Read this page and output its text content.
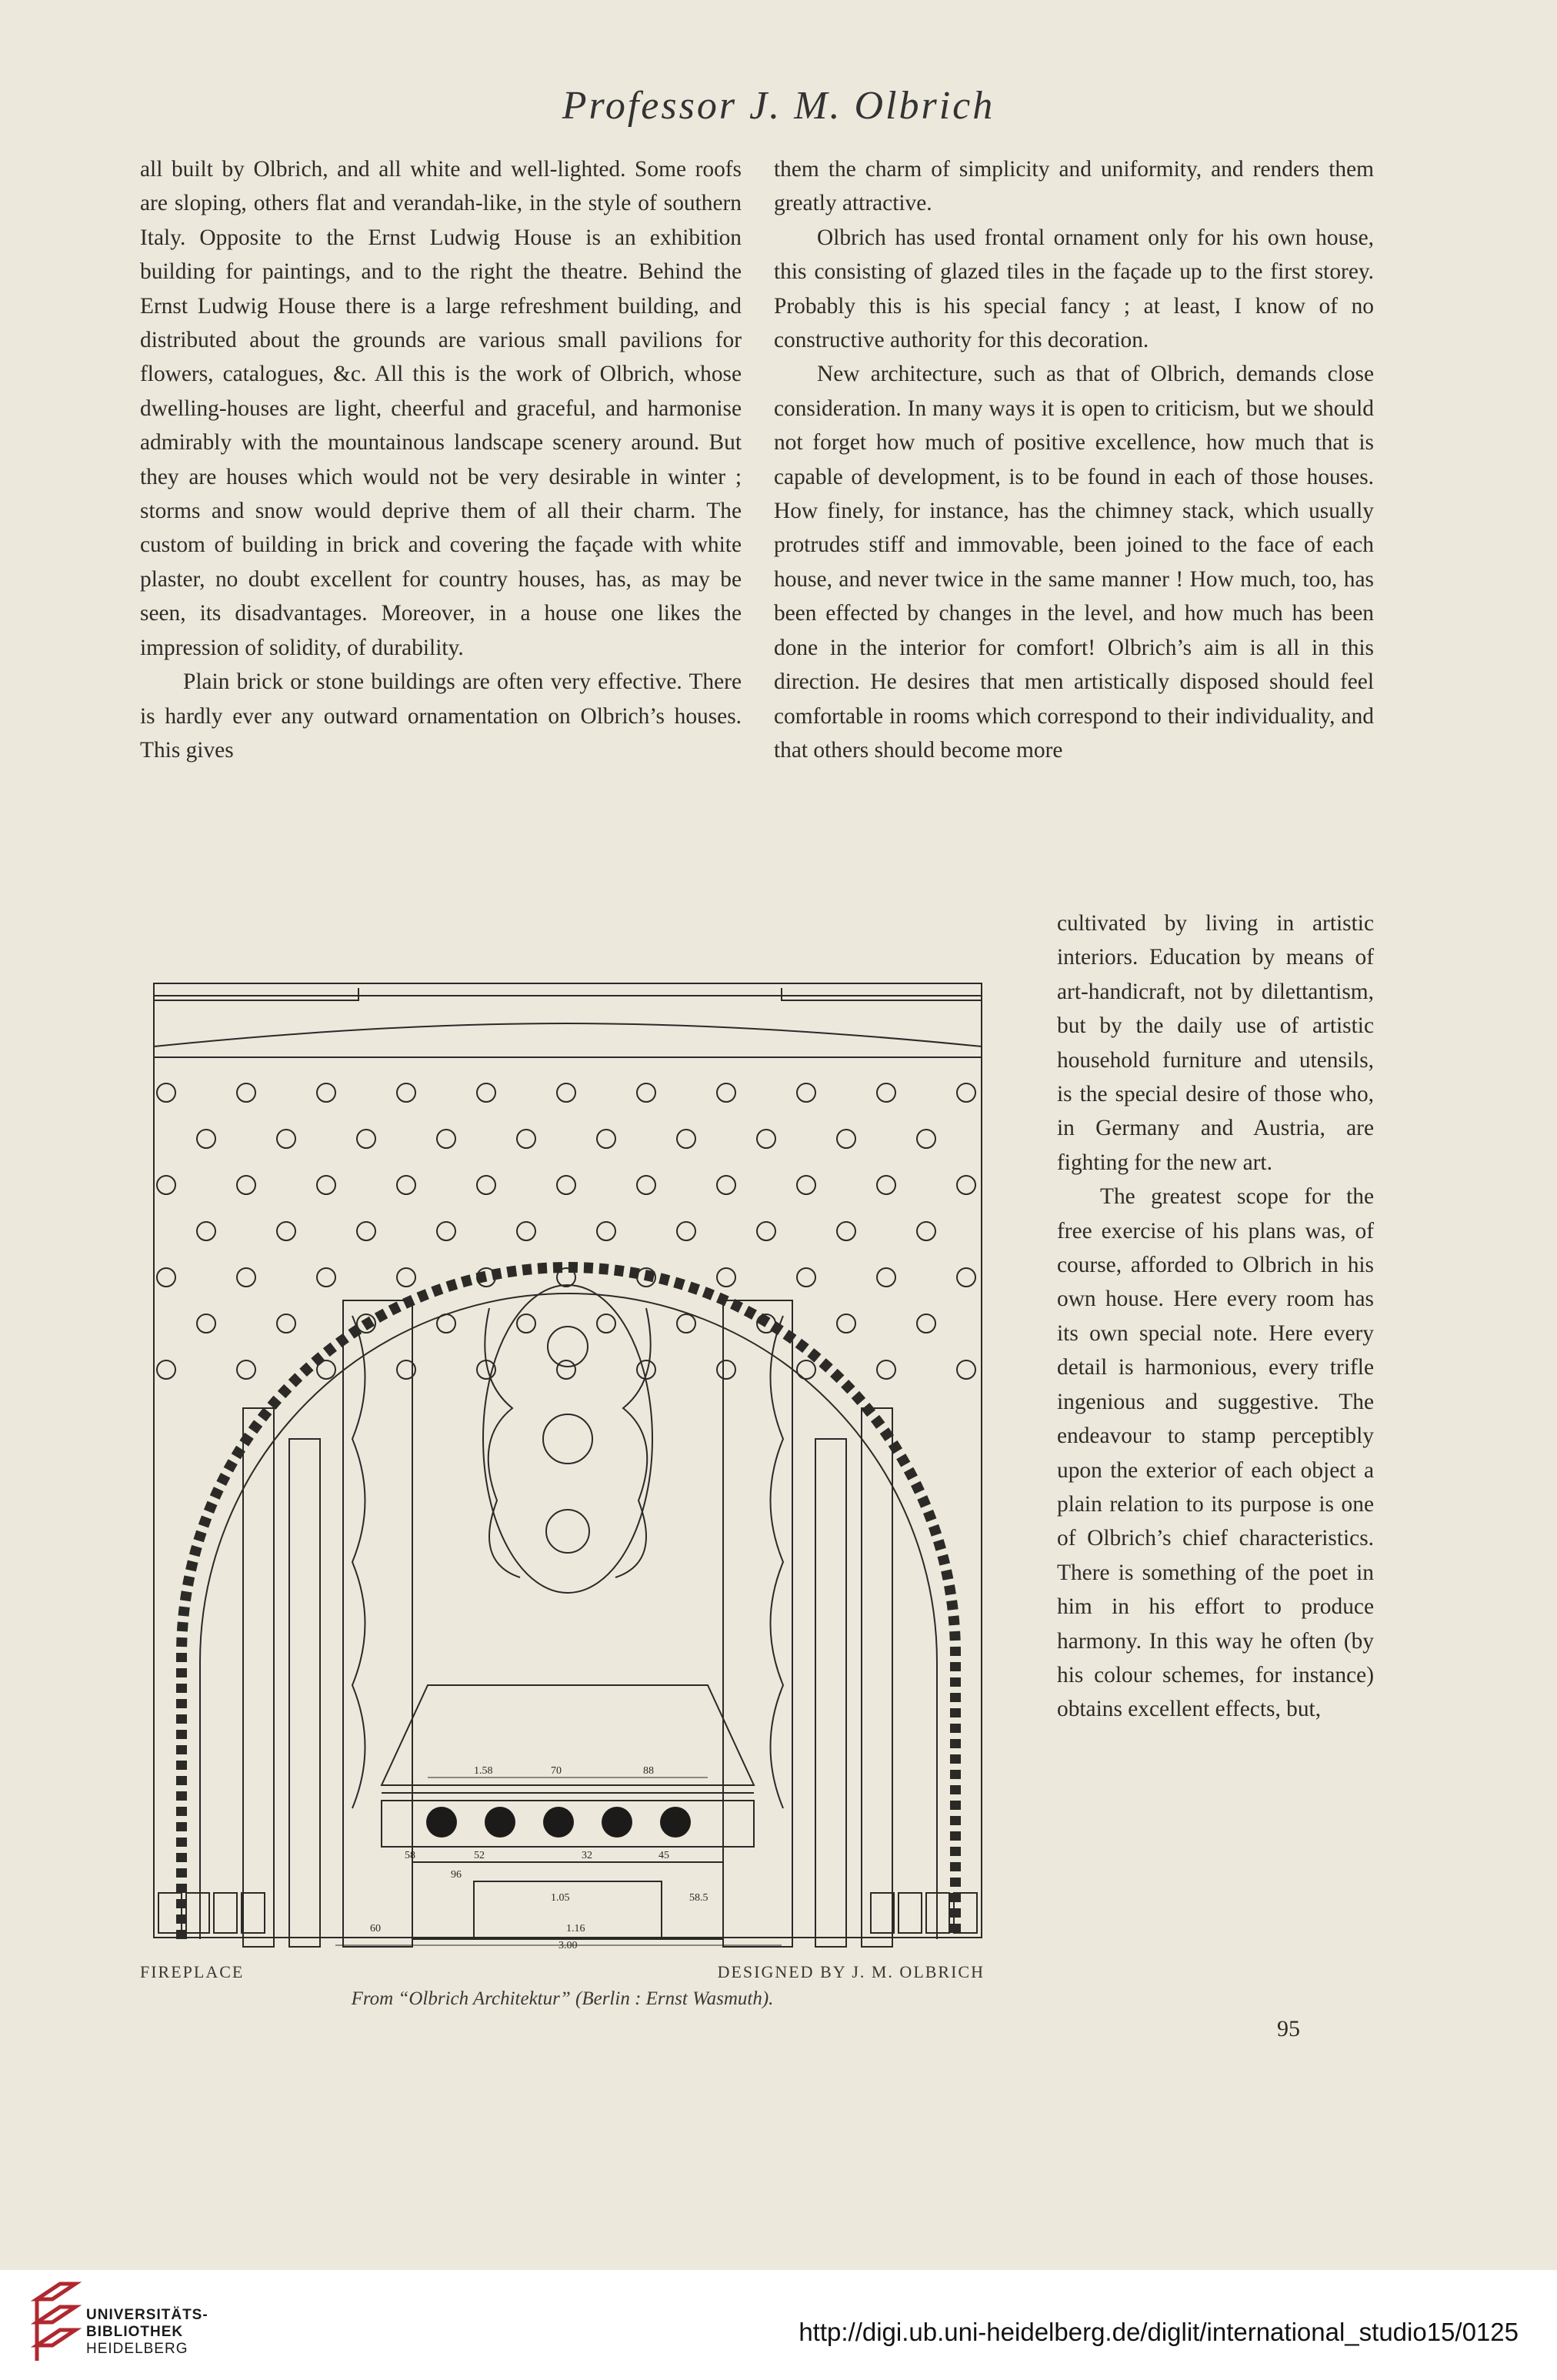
Professor J. M. Olbrich

all built by Olbrich, and all white and well-lighted. Some roofs are sloping, others flat and verandah-like, in the style of southern Italy. Opposite to the Ernst Ludwig House is an exhibition building for paintings, and to the right the theatre. Behind the Ernst Ludwig House there is a large refreshment building, and distributed about the grounds are various small pavilions for flowers, catalogues, &c. All this is the work of Olbrich, whose dwelling-houses are light, cheerful and graceful, and harmonise admirably with the mountainous landscape scenery around. But they are houses which would not be very desirable in winter ; storms and snow would deprive them of all their charm. The custom of building in brick and covering the façade with white plaster, no doubt excellent for country houses, has, as may be seen, its disadvantages. Moreover, in a house one likes the impression of solidity, of durability.

Plain brick or stone buildings are often very effective. There is hardly ever any outward ornamentation on Olbrich’s houses. This gives

them the charm of simplicity and uniformity, and renders them greatly attractive.

Olbrich has used frontal ornament only for his own house, this consisting of glazed tiles in the façade up to the first storey. Probably this is his special fancy ; at least, I know of no constructive authority for this decoration.

New architecture, such as that of Olbrich, demands close consideration. In many ways it is open to criticism, but we should not forget how much of positive excellence, how much that is capable of development, is to be found in each of those houses. How finely, for instance, has the chimney stack, which usually protrudes stiff and immovable, been joined to the face of each house, and never twice in the same manner ! How much, too, has been effected by changes in the level, and how much has been done in the interior for comfort! Olbrich’s aim is all in this direction. He desires that men artistically disposed should feel comfortable in rooms which correspond to their individuality, and that others should become more

cultivated by living in artistic interiors. Education by means of art-handicraft, not by dilettantism, but by the daily use of artistic household furniture and utensils, is the special desire of those who, in Germany and Austria, are fighting for the new art.

The greatest scope for the free exercise of his plans was, of course, afforded to Olbrich in his own house. Here every room has its own special note. Here every detail is harmonious, every trifle ingenious and suggestive. The endeavour to stamp perceptibly upon the exterior of each object a plain relation to its purpose is one of Olbrich’s chief characteristics. There is something of the poet in him in his effort to produce harmony. In this way he often (by his colour schemes, for instance) obtains excellent effects, but,

1.58	70	88
58	52	32	45
96
1.05	58.5
60	1.16
3.00
FIREPLACE	DESIGNED BY J. M. OLBRICH
From “Olbrich Architektur” (Berlin : Ernst Wasmuth).
95
UNIVERSITÄTS-
BIBLIOTHEK
HEIDELBERG
http://digi.ub.uni-heidelberg.de/diglit/international_studio15/0125
